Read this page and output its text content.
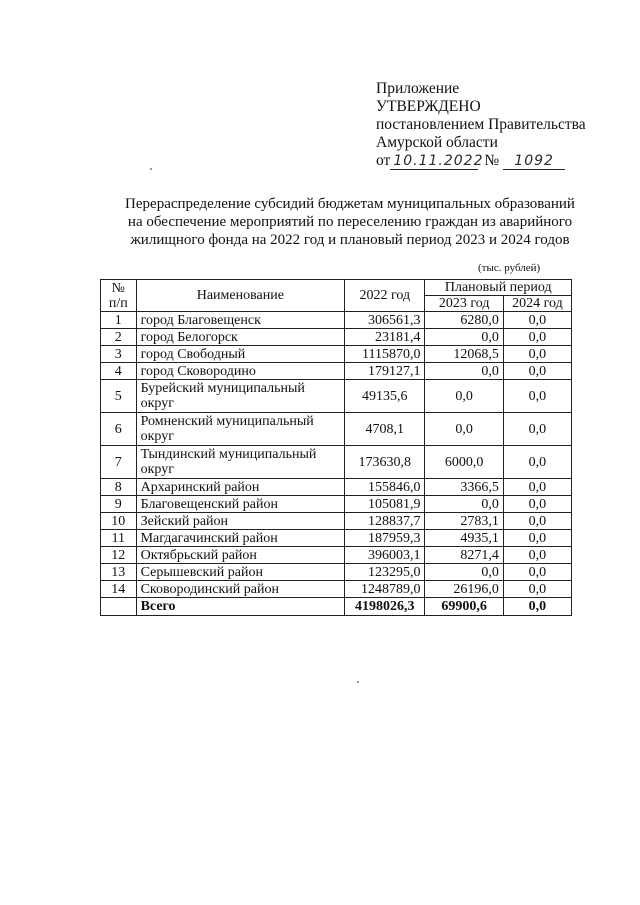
Приложение
УТВЕРЖДЕНО
постановлением Правительства
Амурской области
от 10.11.2022 №	1092
Перераспределение субсидий бюджетам муниципальных образований
на обеспечение мероприятий по переселению граждан из аварийного
жилищного фонда на 2022 год и плановый период 2023 и 2024 годов
(тыс. рублей)
№ п/п	Наименование	2022 год	Плановый период	
			2023 год	2024 год
1	город Благовещенск	306561,3	6280,0	0,0
2	город Белогорск	23181,4	0,0	0,0
3	город Свободный	1115870,0	12068,5	0,0
4	город Сковородино	179127,1	0,0	0,0
5	Бурейский муниципальный округ	49135,6	0,0	0,0
6	Ромненский муниципальный округ	4708,1	0,0	0,0
7	Тындинский муниципальный округ	173630,8	6000,0	0,0
8	Архаринский район	155846,0	3366,5	0,0
9	Благовещенский район	105081,9	0,0	0,0
10	Зейский район	128837,7	2783,1	0,0
11	Магдагачинский район	187959,3	4935,1	0,0
12	Октябрьский район	396003,1	8271,4	0,0
13	Серышевский район	123295,0	0,0	0,0
14	Сковородинский район	1248789,0	26196,0	0,0
	Всего	4198026,3	69900,6	0,0
